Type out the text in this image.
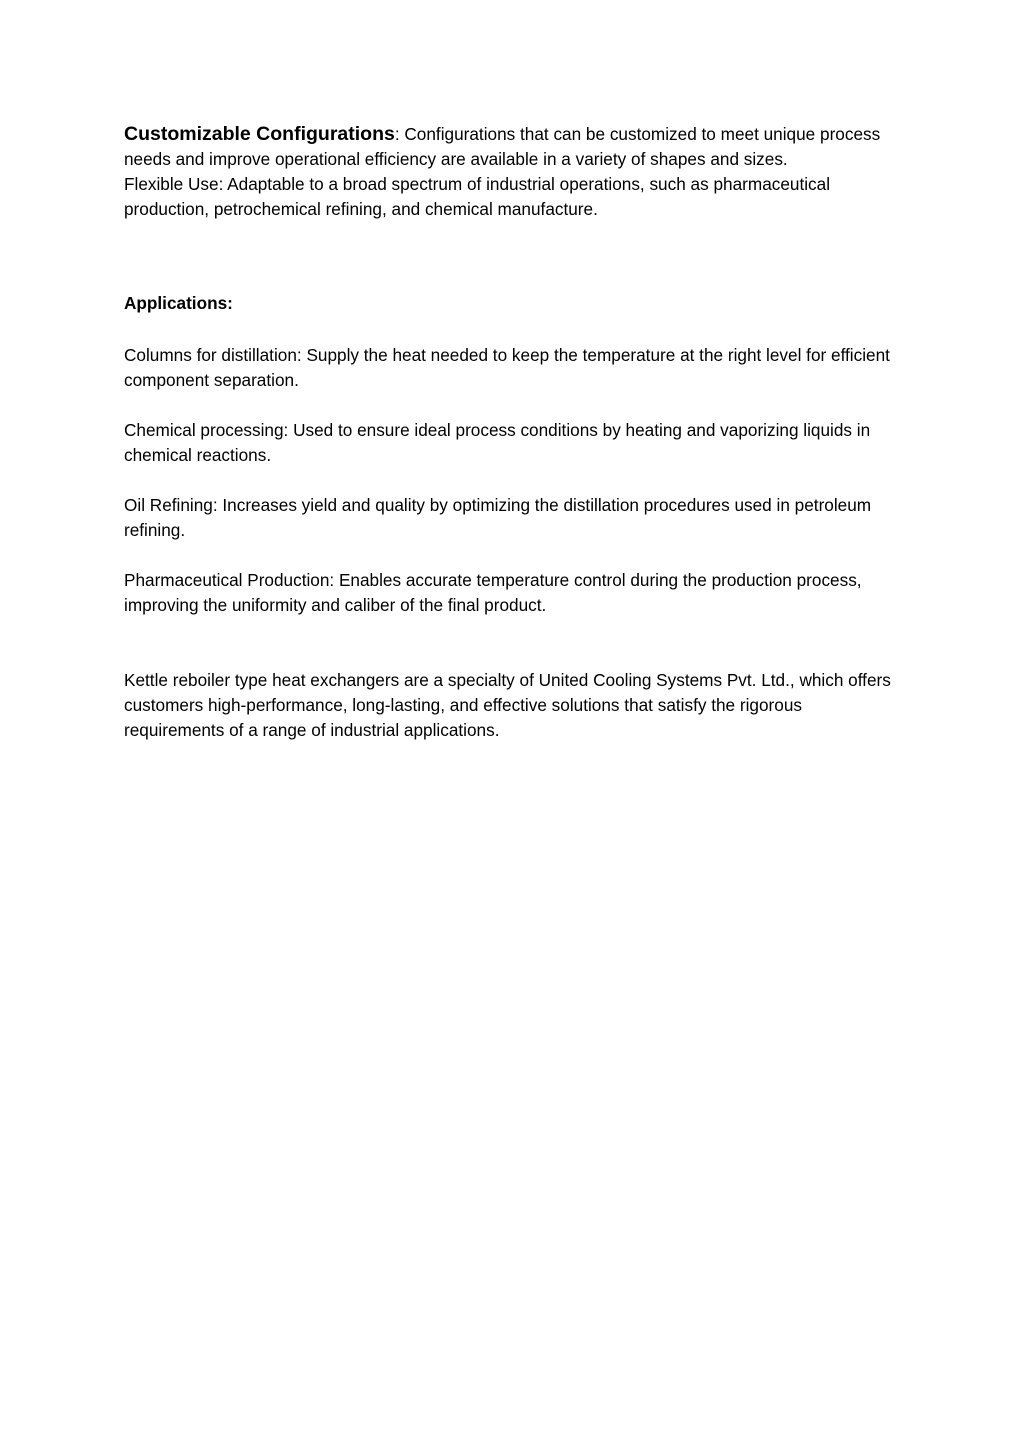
Customizable Configurations: Configurations that can be customized to meet unique process needs and improve operational efficiency are available in a variety of shapes and sizes.

Flexible Use: Adaptable to a broad spectrum of industrial operations, such as pharmaceutical production, petrochemical refining, and chemical manufacture.

Applications:

Columns for distillation: Supply the heat needed to keep the temperature at the right level for efficient component separation.

Chemical processing: Used to ensure ideal process conditions by heating and vaporizing liquids in chemical reactions.

Oil Refining: Increases yield and quality by optimizing the distillation procedures used in petroleum refining.

Pharmaceutical Production: Enables accurate temperature control during the production process, improving the uniformity and caliber of the final product.

Kettle reboiler type heat exchangers are a specialty of United Cooling Systems Pvt. Ltd., which offers customers high-performance, long-lasting, and effective solutions that satisfy the rigorous requirements of a range of industrial applications.
